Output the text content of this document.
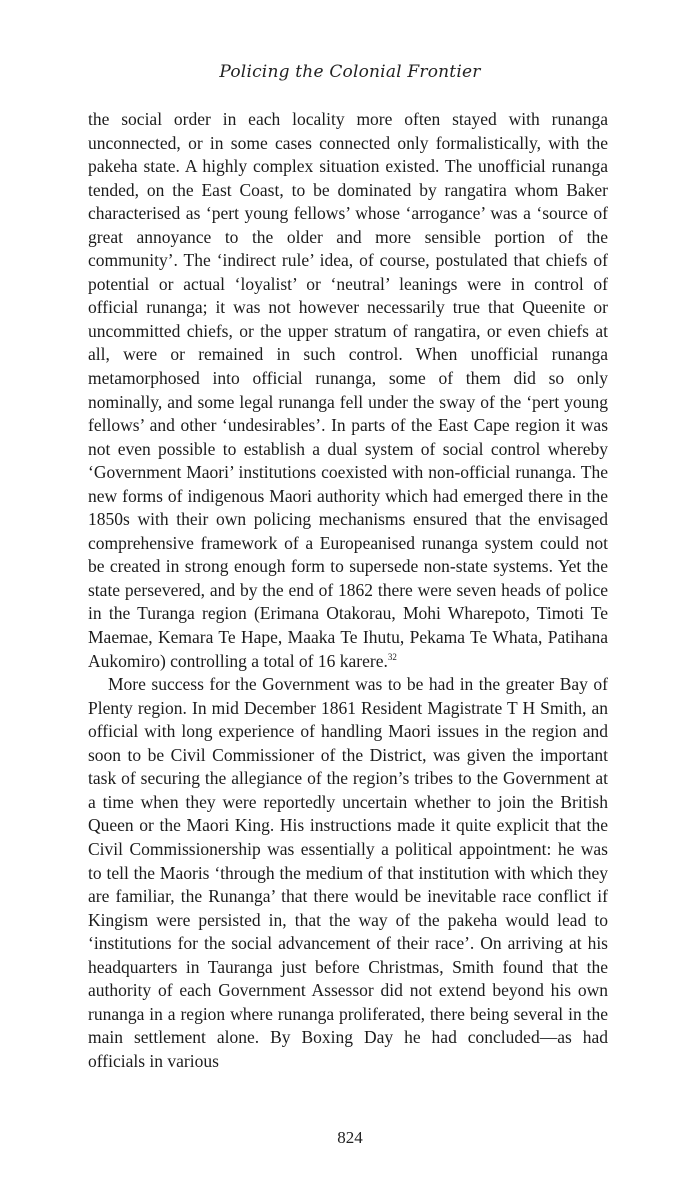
Policing the Colonial Frontier

the social order in each locality more often stayed with runanga unconnected, or in some cases connected only formalistically, with the pakeha state. A highly complex situation existed. The unofficial runanga tended, on the East Coast, to be dominated by rangatira whom Baker characterised as ‘pert young fellows’ whose ‘arrogance’ was a ‘source of great annoyance to the older and more sensible portion of the community’. The ‘indirect rule’ idea, of course, postulated that chiefs of potential or actual ‘loyalist’ or ‘neutral’ leanings were in control of official runanga; it was not however necessarily true that Queenite or uncommitted chiefs, or the upper stratum of rangatira, or even chiefs at all, were or remained in such control. When unofficial runanga metamorphosed into official runanga, some of them did so only nominally, and some legal runanga fell under the sway of the ‘pert young fellows’ and other ‘undesirables’. In parts of the East Cape region it was not even possible to establish a dual system of social control whereby ‘Government Maori’ institutions coexisted with non-official runanga. The new forms of indigenous Maori authority which had emerged there in the 1850s with their own policing mechanisms ensured that the envisaged comprehensive framework of a Europeanised runanga system could not be created in strong enough form to supersede non-state systems. Yet the state persevered, and by the end of 1862 there were seven heads of police in the Turanga region (Erimana Otakorau, Mohi Wharepoto, Timoti Te Maemae, Kemara Te Hape, Maaka Te Ihutu, Pekama Te Whata, Patihana Aukomiro) controlling a total of 16 karere.$^{32}$

More success for the Government was to be had in the greater Bay of Plenty region. In mid December 1861 Resident Magistrate T H Smith, an official with long experience of handling Maori issues in the region and soon to be Civil Commissioner of the District, was given the important task of securing the allegiance of the region’s tribes to the Government at a time when they were reportedly uncertain whether to join the British Queen or the Maori King. His instructions made it quite explicit that the Civil Commissionership was essentially a political appointment: he was to tell the Maoris ‘through the medium of that institution with which they are familiar, the Runanga’ that there would be inevitable race conflict if Kingism were persisted in, that the way of the pakeha would lead to ‘institutions for the social advancement of their race’. On arriving at his headquarters in Tauranga just before Christmas, Smith found that the authority of each Government Assessor did not extend beyond his own runanga in a region where runanga proliferated, there being several in the main settlement alone. By Boxing Day he had concluded—as had officials in various

824
